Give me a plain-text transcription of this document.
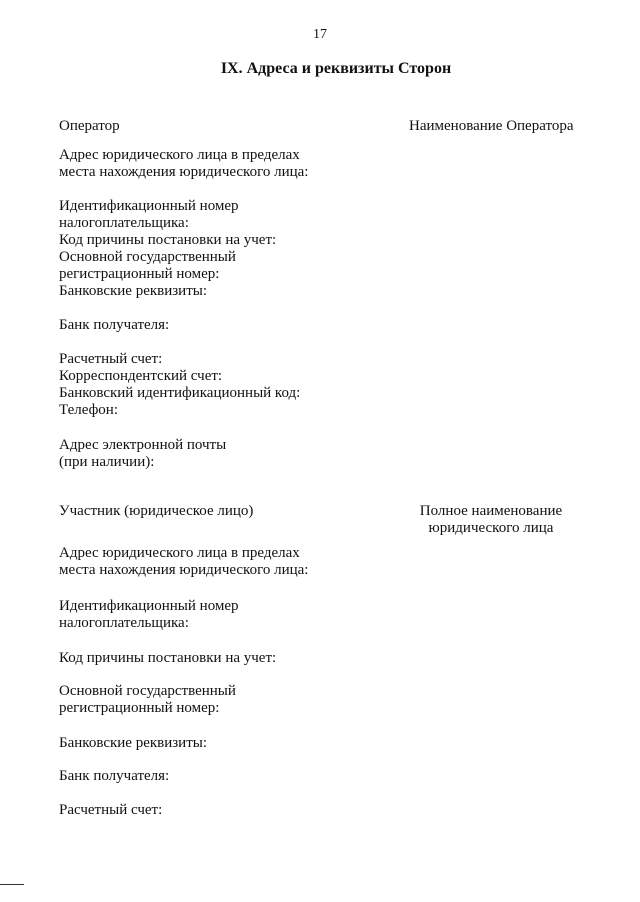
17
IX. Адреса и реквизиты Сторон
Оператор	Наименование Оператора
Адрес юридического лица в пределах
места нахождения юридического лица:
Идентификационный номер
налогоплательщика:
Код причины постановки на учет:
Основной государственный
регистрационный номер:
Банковские реквизиты:
Банк получателя:
Расчетный счет:
Корреспондентский счет:
Банковский идентификационный код:
Телефон:
Адрес электронной почты
(при наличии):
Участник (юридическое лицо)	Полное наименование
юридического лица
Адрес юридического лица в пределах
места нахождения юридического лица:
Идентификационный номер
налогоплательщика:
Код причины постановки на учет:
Основной государственный
регистрационный номер:
Банковские реквизиты:
Банк получателя:
Расчетный счет:
